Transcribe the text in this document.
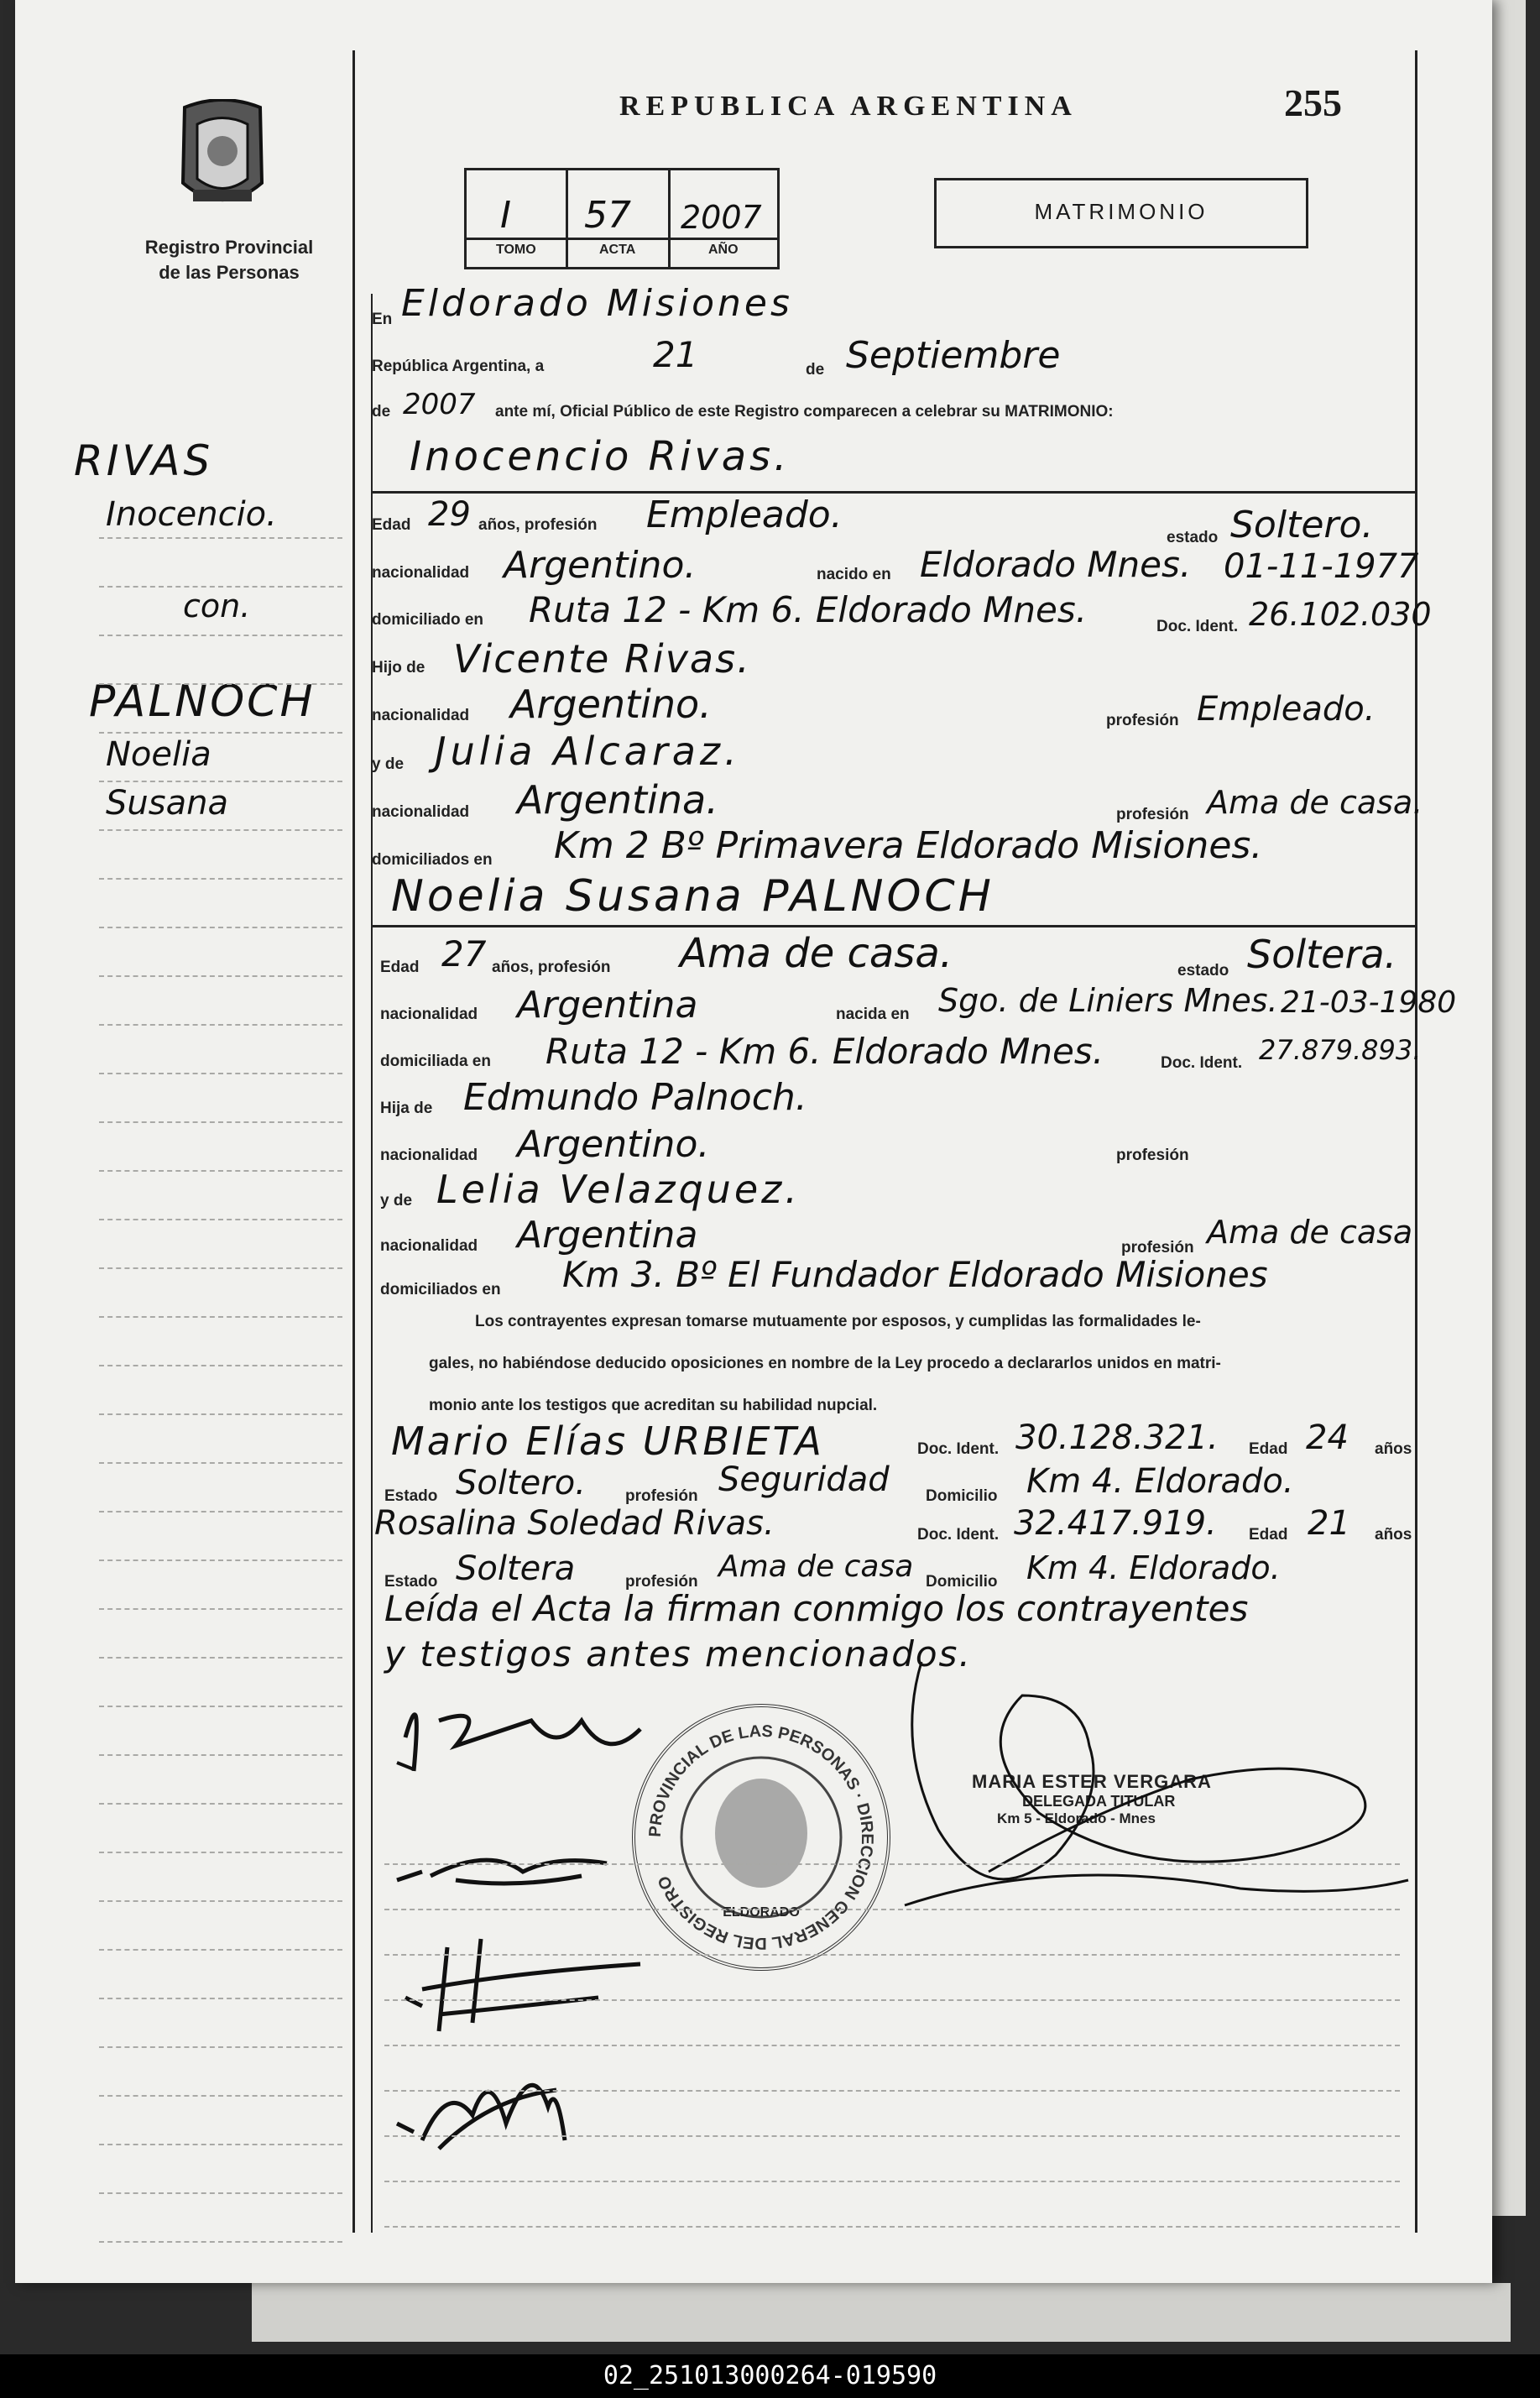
Registro Provincial
de las Personas
REPUBLICA ARGENTINA	255
I 57 2007
TOMO	ACTA	AÑO
MATRIMONIO
RIVAS
Inocencio.
con.
PALNOCH
Noelia
Susana
En Eldorado Misiones
República Argentina, a	21	de Septiembre
de 2007 ante mí, Oficial Público de este Registro comparecen a celebrar su MATRIMONIO:
Inocencio Rivas.
Edad 29 años, profesión Empleado.
estado Soltero.
nacionalidad Argentino.	nacido en Eldorado Mnes. 01-11-1977
domiciliado en Ruta 12 - Km 6. Eldorado Mnes.	Doc. Ident. 26.102.030
Hijo de Vicente Rivas.
nacionalidad Argentino.	profesión Empleado.
y de Julia Alcaraz.
nacionalidad Argentina.	profesión Ama de casa.
domiciliados en Km 2 Bº Primavera Eldorado Misiones.
Noelia Susana PALNOCH
Edad 27 años, profesión Ama de casa.	estado Soltera.
nacionalidad Argentina	nacida en Sgo. de Liniers Mnes. 21-03-1980
domiciliada en Ruta 12 - Km 6. Eldorado Mnes.	Doc. Ident. 27.879.893.
Hija de Edmundo Palnoch.
nacionalidad Argentino.	profesión
y de Lelia Velazquez.
nacionalidad Argentina	profesión Ama de casa
domiciliados en Km 3. Bº El Fundador Eldorado Misiones
Los contrayentes expresan tomarse mutuamente por esposos, y cumplidas las formalidades le-
gales, no habiéndose deducido oposiciones en nombre de la Ley procedo a declararlos unidos en matri-
monio ante los testigos que acreditan su habilidad nupcial.
Mario Elías URBIETA	Doc. Ident. 30.128.321. Edad 24 años
Estado Soltero. profesión Seguridad Domicilio Km 4. Eldorado.
Rosalina Soledad Rivas.	Doc. Ident. 32.417.919. Edad 21 años
Estado Soltera	profesión Ama de casa Domicilio Km 4. Eldorado.
Leída el Acta la firman conmigo los contrayentes
y testigos antes mencionados.
PROVINCIAL DE LAS PERSONAS · DIRECCION GENERAL DEL REGISTRO
ELDORADO
MARIA ESTER VERGARA
DELEGADA TITULAR
Km 5 - Eldorado - Mnes
02_251013000264-019590
